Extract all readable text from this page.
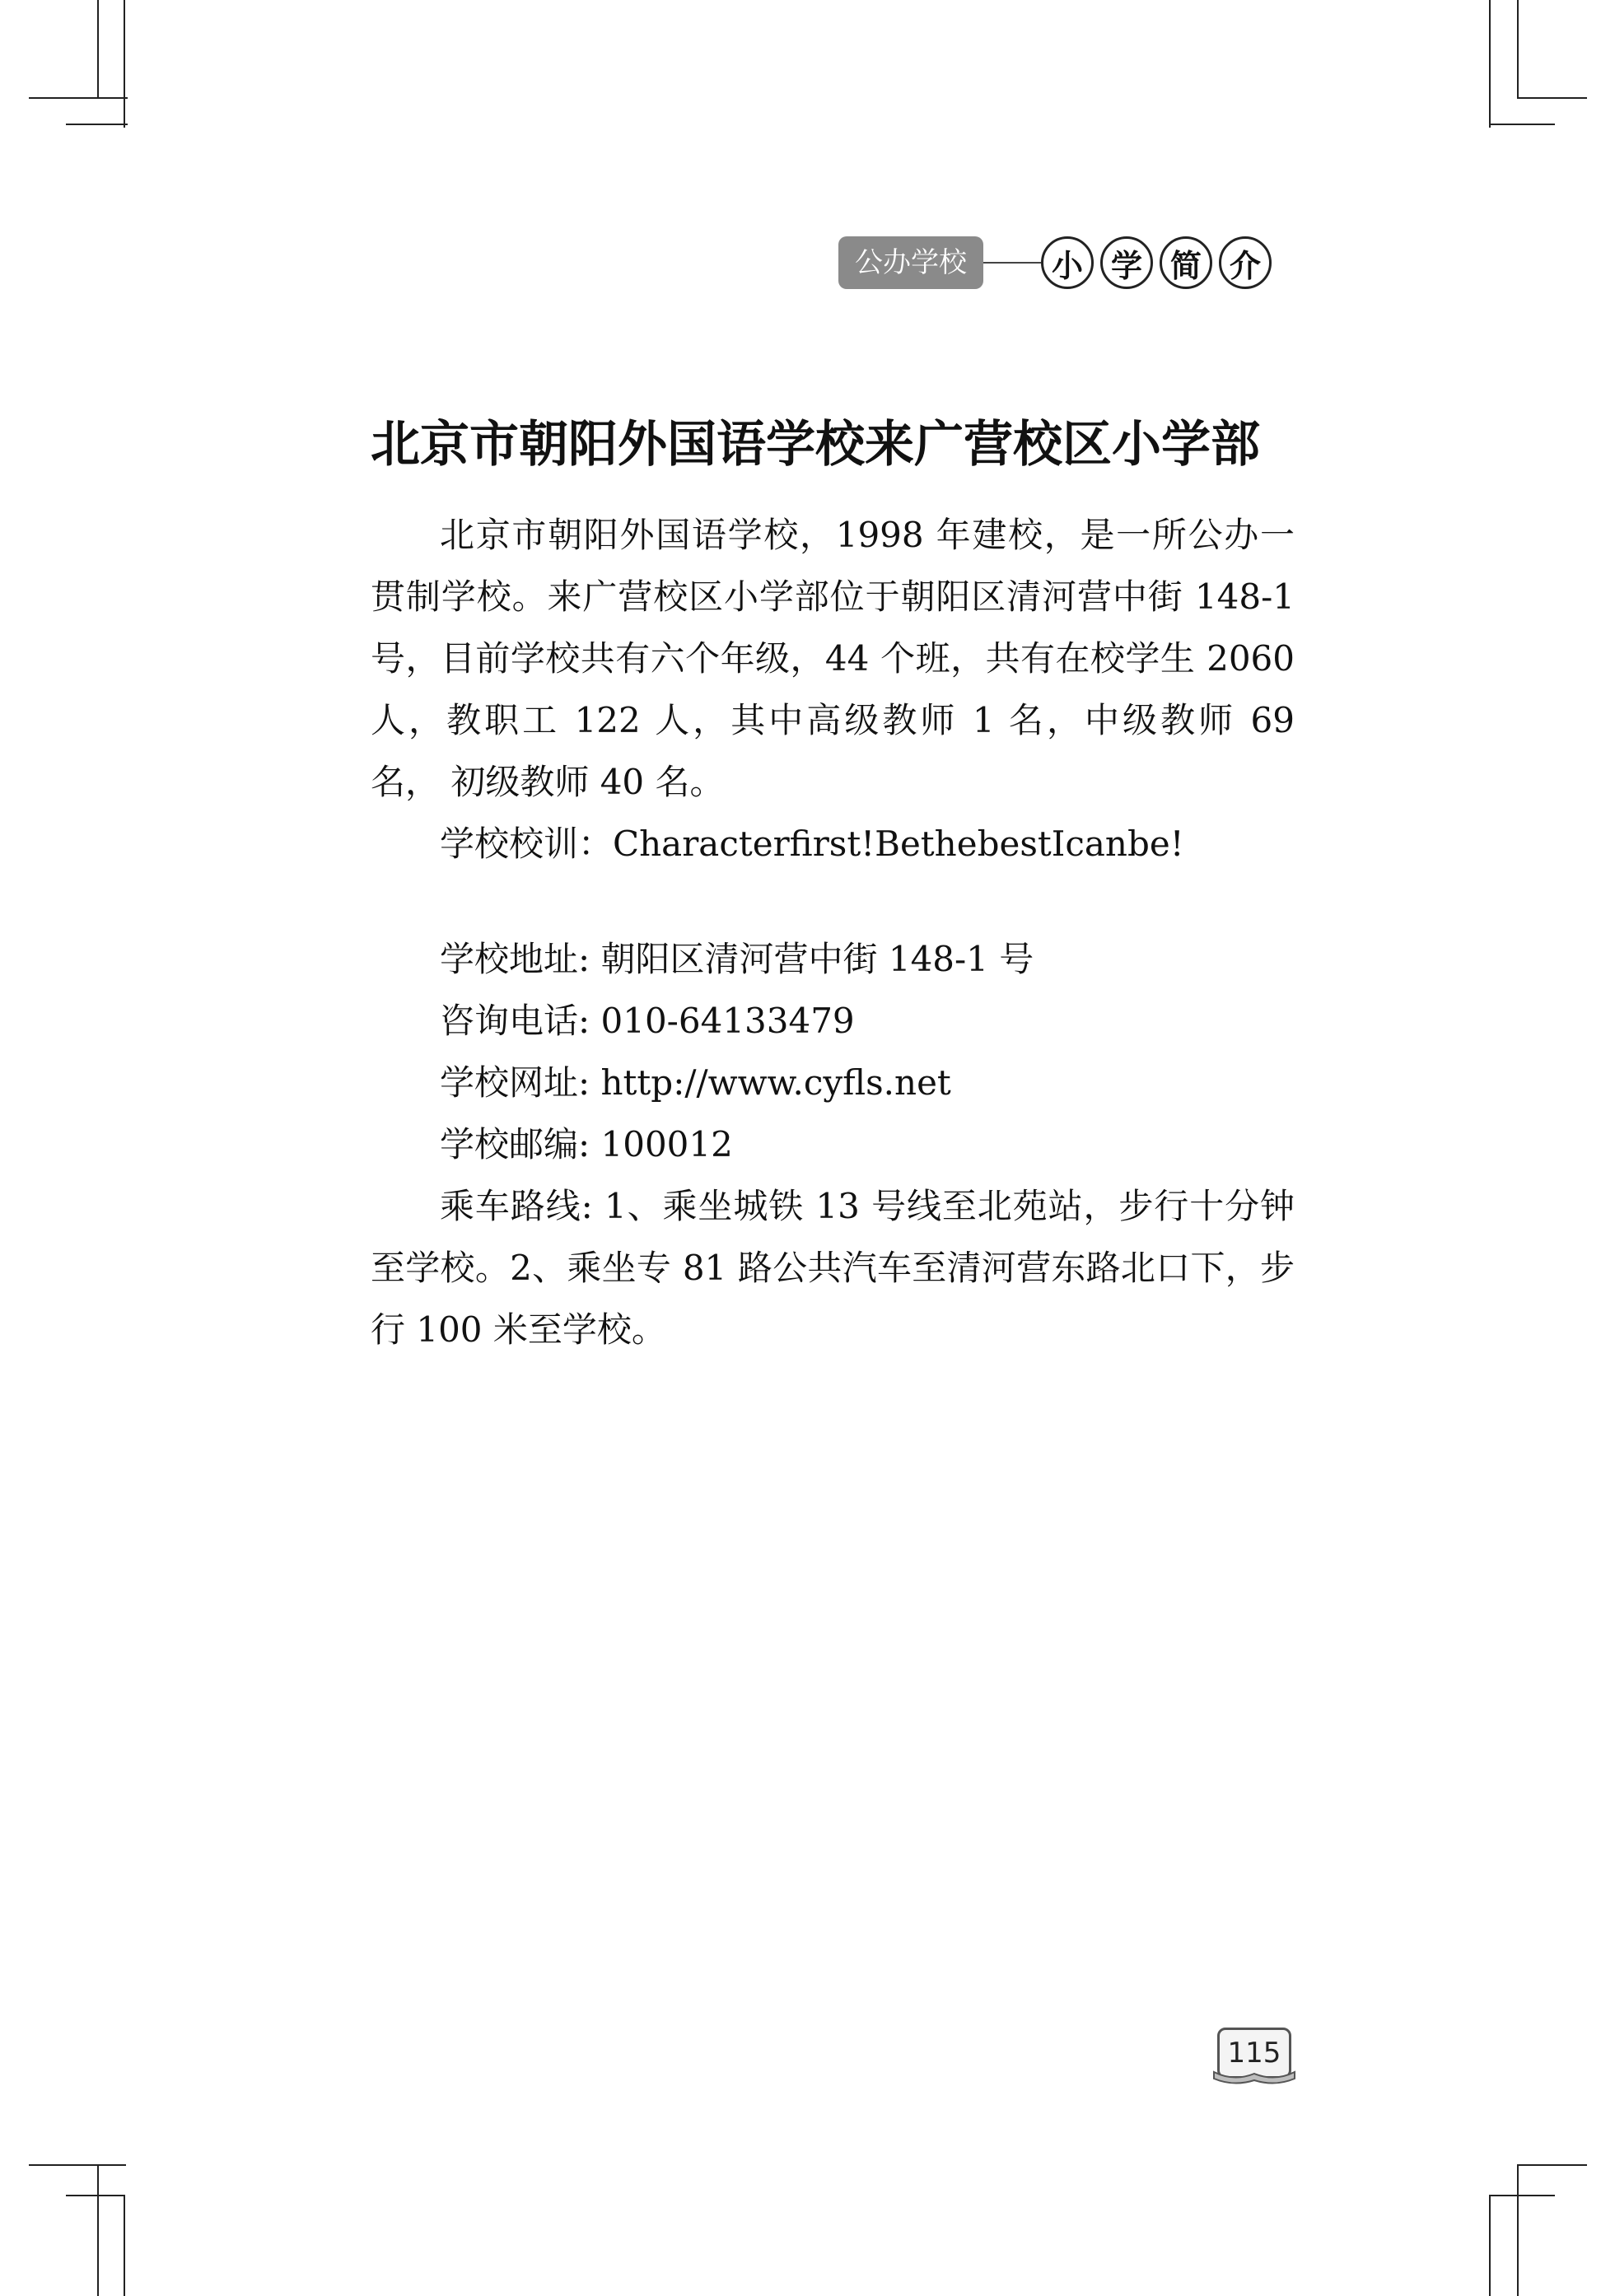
公办学校	小 学 简 介
北京市朝阳外国语学校来广营校区小学部

北京市朝阳外国语学校，1998 年建校，是一所公办一贯制学校。来广营校区小学部位于朝阳区清河营中街 148-1 号，目前学校共有六个年级，44 个班，共有在校学生 2060 人，教职工 122 人，其中高级教师 1 名，中级教师 69 名， 初级教师 40 名。

学校校训：Characterfirst!BethebestIcanbe!

学校地址: 朝阳区清河营中街 148-1 号

咨询电话: 010-64133479

学校网址: http://www.cyfls.net

学校邮编: 100012

乘车路线: 1、乘坐城铁 13 号线至北苑站，步行十分钟至学校。2、乘坐专 81 路公共汽车至清河营东路北口下，步行 100 米至学校。

115
